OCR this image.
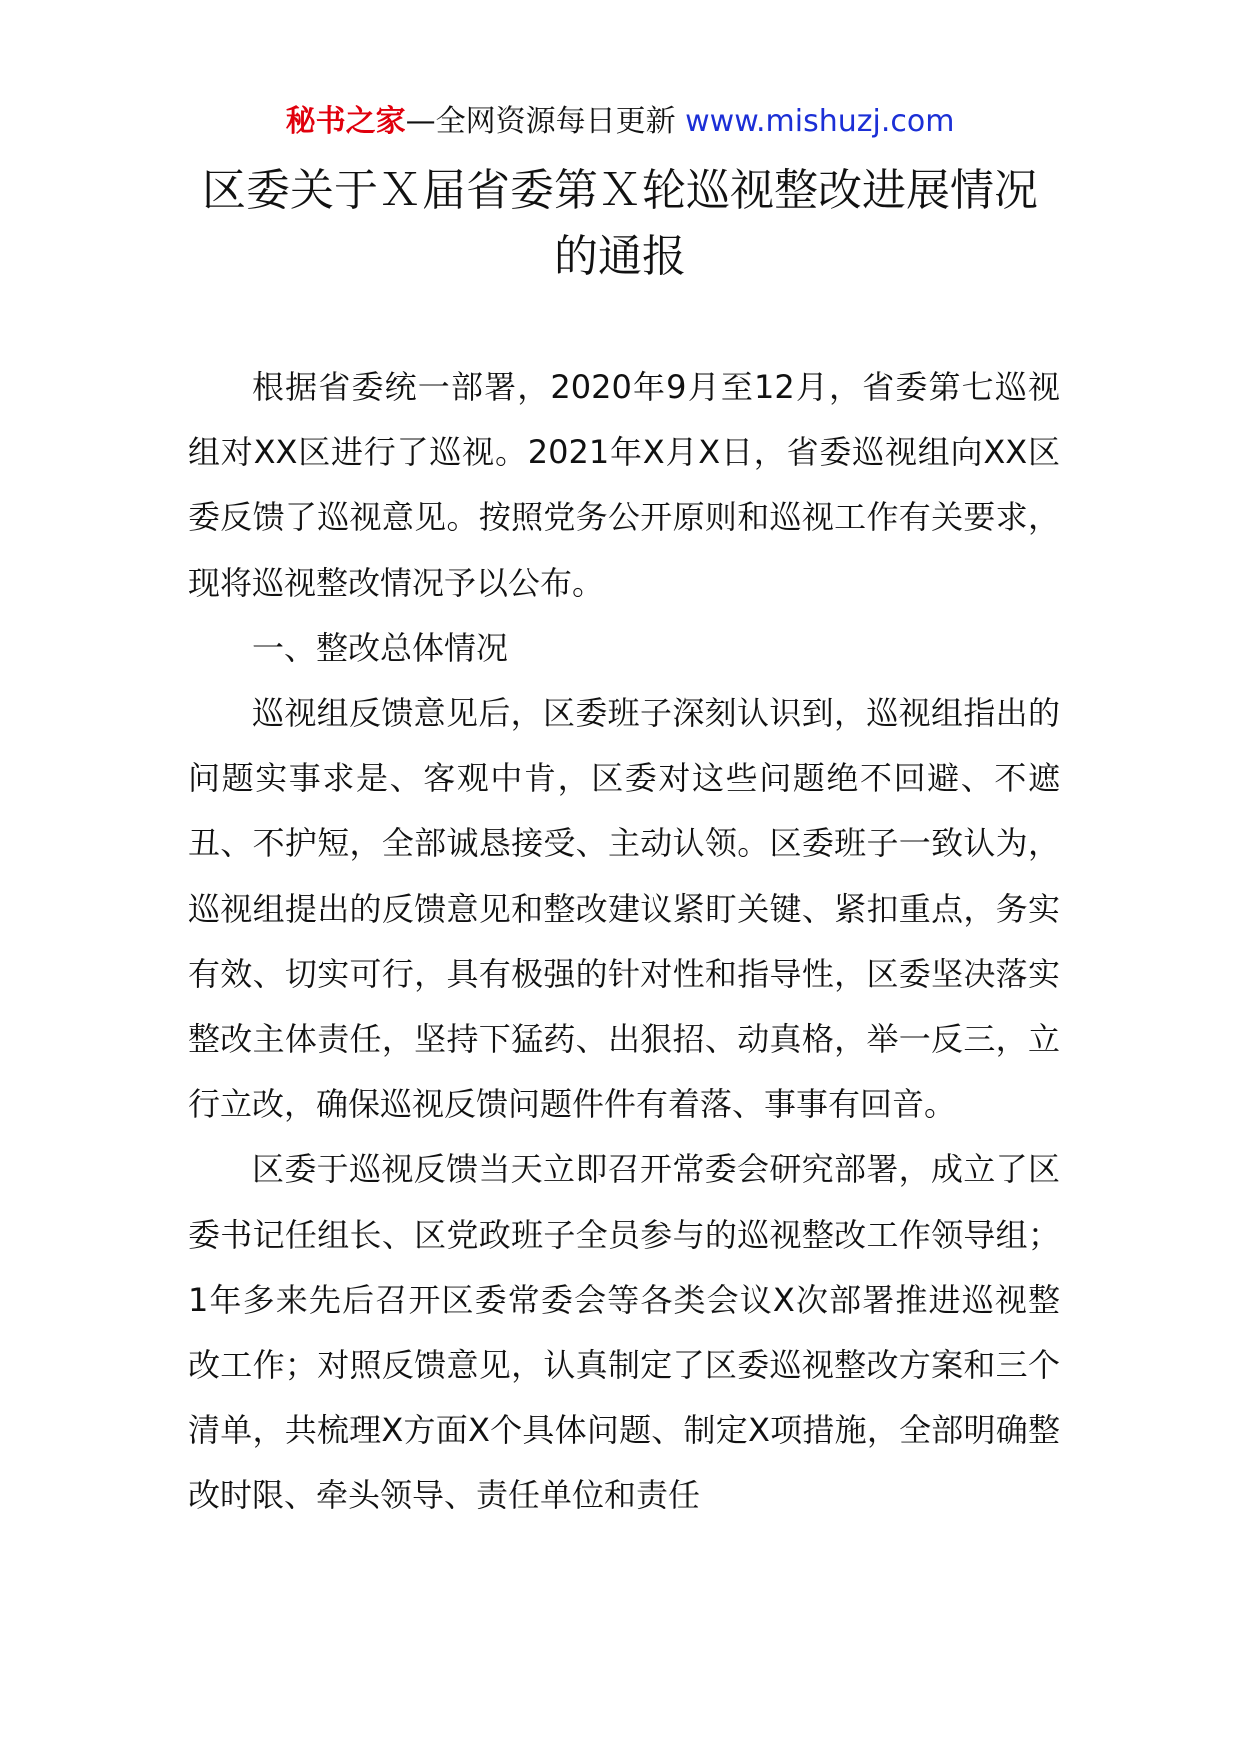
秘书之家—全网资源每日更新 www.mishuzj.com
区委关于Ｘ届省委第Ｘ轮巡视整改进展情况
的通报

根据省委统一部署，2020年9月至12月，省委第七巡视组对XX区进行了巡视。2021年X月X日，省委巡视组向XX区委反馈了巡视意见。按照党务公开原则和巡视工作有关要求，现将巡视整改情况予以公布。

一、整改总体情况

巡视组反馈意见后，区委班子深刻认识到，巡视组指出的问题实事求是、客观中肯，区委对这些问题绝不回避、不遮丑、不护短，全部诚恳接受、主动认领。区委班子一致认为，巡视组提出的反馈意见和整改建议紧盯关键、紧扣重点，务实有效、切实可行，具有极强的针对性和指导性，区委坚决落实整改主体责任，坚持下猛药、出狠招、动真格，举一反三，立行立改，确保巡视反馈问题件件有着落、事事有回音。

区委于巡视反馈当天立即召开常委会研究部署，成立了区委书记任组长、区党政班子全员参与的巡视整改工作领导组；1年多来先后召开区委常委会等各类会议X次部署推进巡视整改工作；对照反馈意见，认真制定了区委巡视整改方案和三个清单，共梳理X方面X个具体问题、制定X项措施，全部明确整改时限、牵头领导、责任单位和责任
